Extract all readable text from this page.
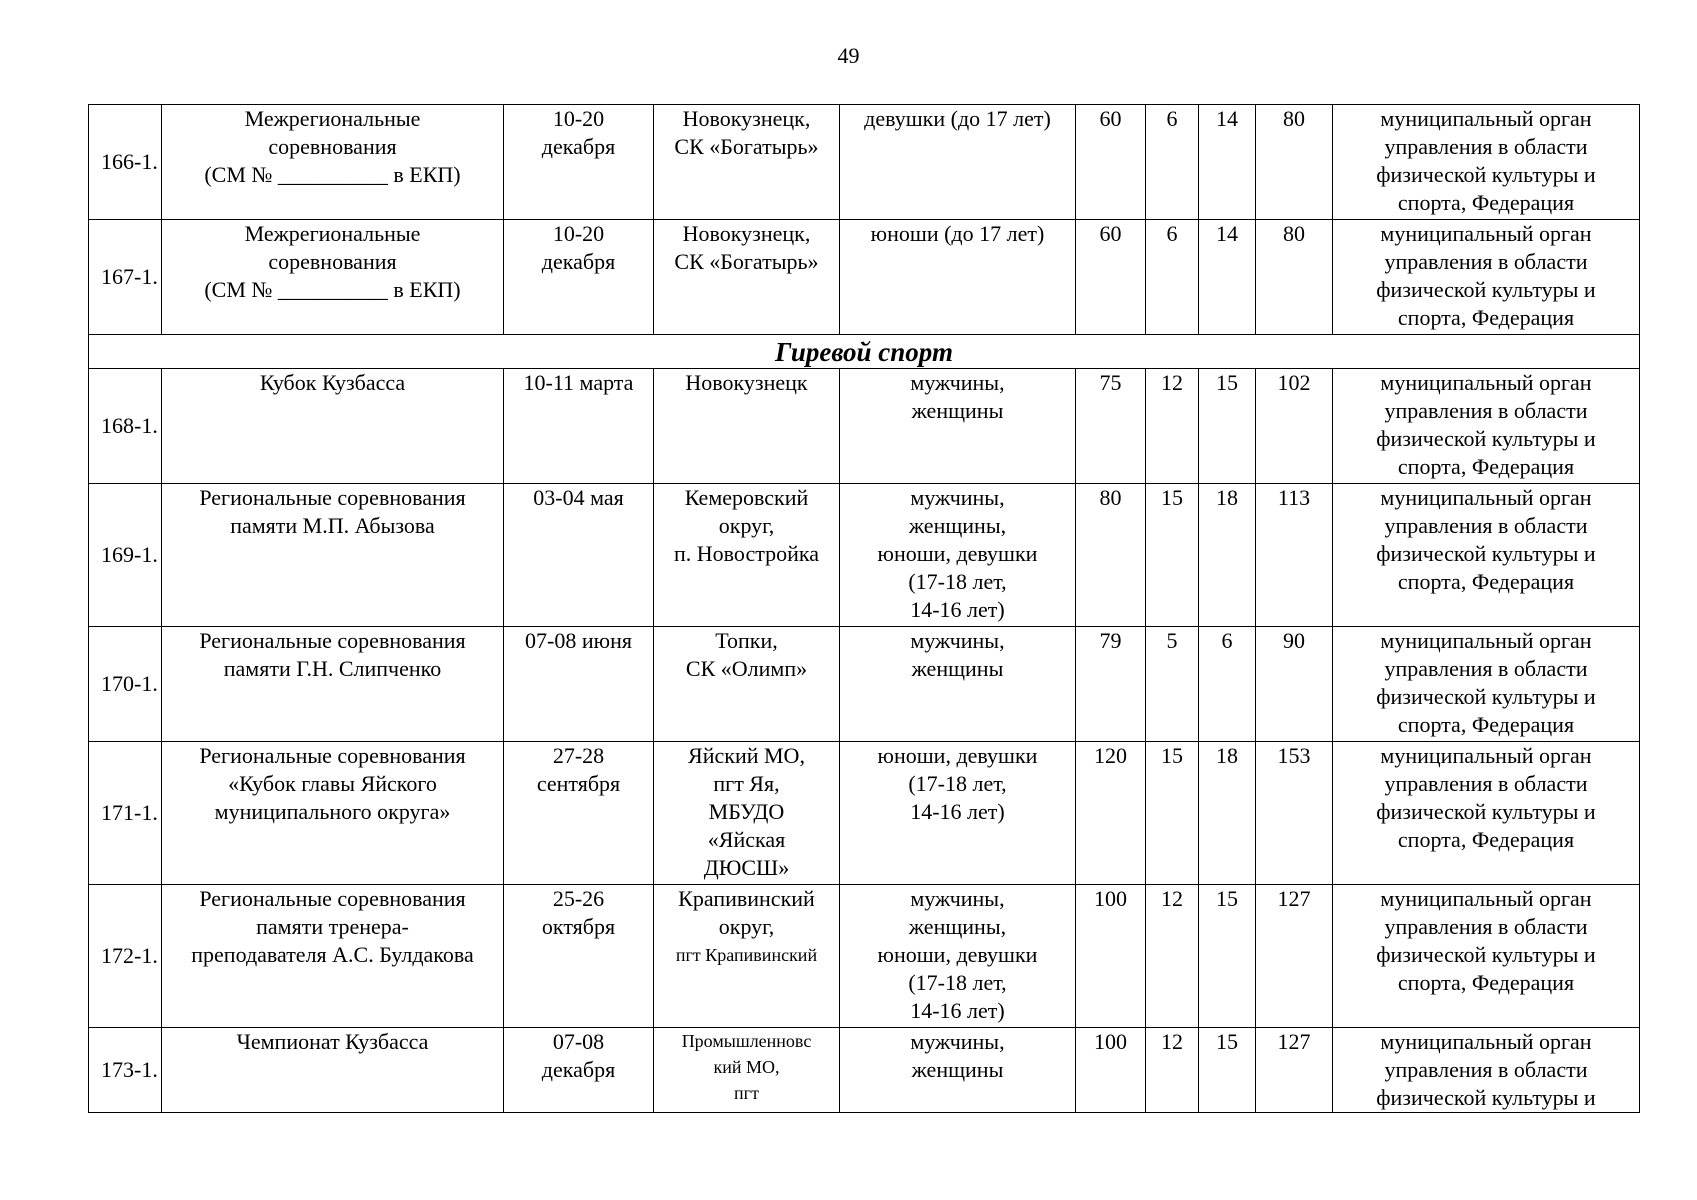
49
166-1.	Межрегиональные
соревнования
(СМ № __________ в ЕКП)	10-20
декабря	Новокузнецк,
СК «Богатырь»	девушки (до 17 лет)	60	6	14	80	муниципальный орган
управления в области
физической культуры и
спорта, Федерация

167-1.	Межрегиональные
соревнования
(СМ № __________ в ЕКП)	10-20
декабря	Новокузнецк,
СК «Богатырь»	юноши (до 17 лет)	60	6	14	80	муниципальный орган
управления в области
физической культуры и
спорта, Федерация

Гиревой спорт									
168-1.	Кубок Кузбасса	10-11 марта	Новокузнецк	мужчины,
женщины	75	12	15	102	муниципальный орган
управления в области
физической культуры и
спорта, Федерация

169-1.	Региональные соревнования
памяти М.П. Абызова	03-04 мая	Кемеровский
округ,
п. Новостройка	мужчины,
женщины,
юноши, девушки
(17-18 лет,
14-16 лет)	80	15	18	113	муниципальный орган
управления в области
физической культуры и
спорта, Федерация

170-1.	Региональные соревнования
памяти Г.Н. Слипченко	07-08 июня	Топки,
СК «Олимп»	мужчины,
женщины	79	5	6	90	муниципальный орган
управления в области
физической культуры и
спорта, Федерация

171-1.	Региональные соревнования
«Кубок главы Яйского
муниципального округа»	27-28
сентября	Яйский МО,
пгт Яя,
МБУДО
«Яйская
ДЮСШ»	юноши, девушки
(17-18 лет,
14-16 лет)	120	15	18	153	муниципальный орган
управления в области
физической культуры и
спорта, Федерация

172-1.	Региональные соревнования
памяти тренера-
преподавателя А.С. Булдакова	25-26
октября	Крапивинский
округ,
пгт Крапивинский	мужчины,
женщины,
юноши, девушки
(17-18 лет,
14-16 лет)	100	12	15	127	муниципальный орган
управления в области
физической культуры и
спорта, Федерация

173-1.	Чемпионат Кузбасса	07-08
декабря	Промышленновс
кий МО,
пгт	мужчины,
женщины	100	12	15	127	муниципальный орган
управления в области
физической культуры и
